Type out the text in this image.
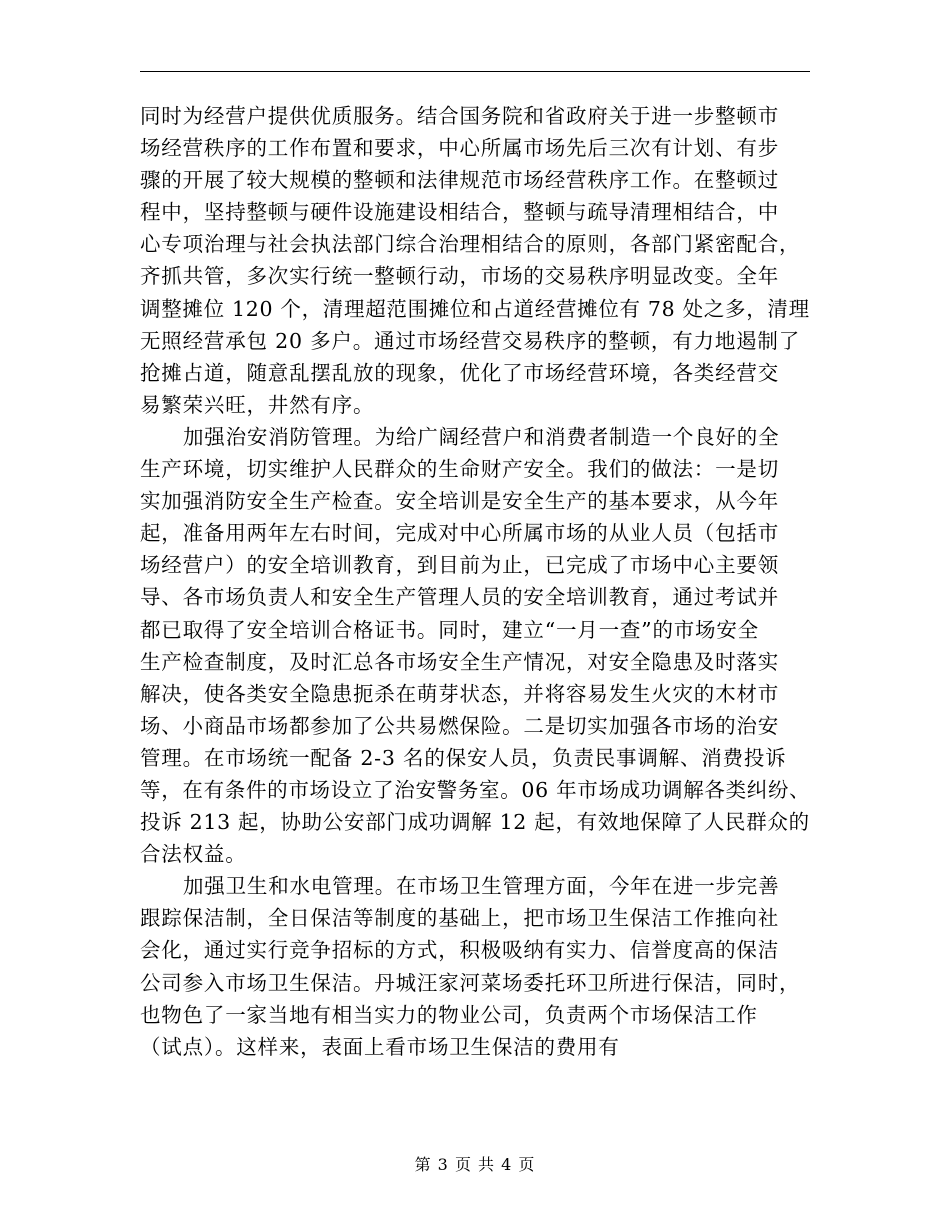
同时为经营户提供优质服务。结合国务院和省政府关于进一步整顿市
场经营秩序的工作布置和要求，中心所属市场先后三次有计划、有步
骤的开展了较大规模的整顿和法律规范市场经营秩序工作。在整顿过
程中，坚持整顿与硬件设施建设相结合，整顿与疏导清理相结合，中
心专项治理与社会执法部门综合治理相结合的原则，各部门紧密配合，
齐抓共管，多次实行统一整顿行动，市场的交易秩序明显改变。全年
调整摊位 120 个，清理超范围摊位和占道经营摊位有 78 处之多，清理
无照经营承包 20 多户。通过市场经营交易秩序的整顿，有力地遏制了
抢摊占道，随意乱摆乱放的现象，优化了市场经营环境，各类经营交
易繁荣兴旺，井然有序。

加强治安消防管理。为给广阔经营户和消费者制造一个良好的全
生产环境，切实维护人民群众的生命财产安全。我们的做法：一是切
实加强消防安全生产检查。安全培训是安全生产的基本要求，从今年
起，准备用两年左右时间，完成对中心所属市场的从业人员（包括市
场经营户）的安全培训教育，到目前为止，已完成了市场中心主要领
导、各市场负责人和安全生产管理人员的安全培训教育，通过考试并
都已取得了安全培训合格证书。同时，建立“一月一查”的市场安全
生产检查制度，及时汇总各市场安全生产情况，对安全隐患及时落实
解决，使各类安全隐患扼杀在萌芽状态，并将容易发生火灾的木材市
场、小商品市场都参加了公共易燃保险。二是切实加强各市场的治安
管理。在市场统一配备 2-3 名的保安人员，负责民事调解、消费投诉
等，在有条件的市场设立了治安警务室。06 年市场成功调解各类纠纷、
投诉 213 起，协助公安部门成功调解 12 起，有效地保障了人民群众的
合法权益。

加强卫生和水电管理。在市场卫生管理方面，今年在进一步完善
跟踪保洁制，全日保洁等制度的基础上，把市场卫生保洁工作推向社
会化，通过实行竞争招标的方式，积极吸纳有实力、信誉度高的保洁
公司参入市场卫生保洁。丹城汪家河菜场委托环卫所进行保洁，同时，
也物色了一家当地有相当实力的物业公司，负责两个市场保洁工作
（试点）。这样来，表面上看市场卫生保洁的费用有

第 3 页 共 4 页
